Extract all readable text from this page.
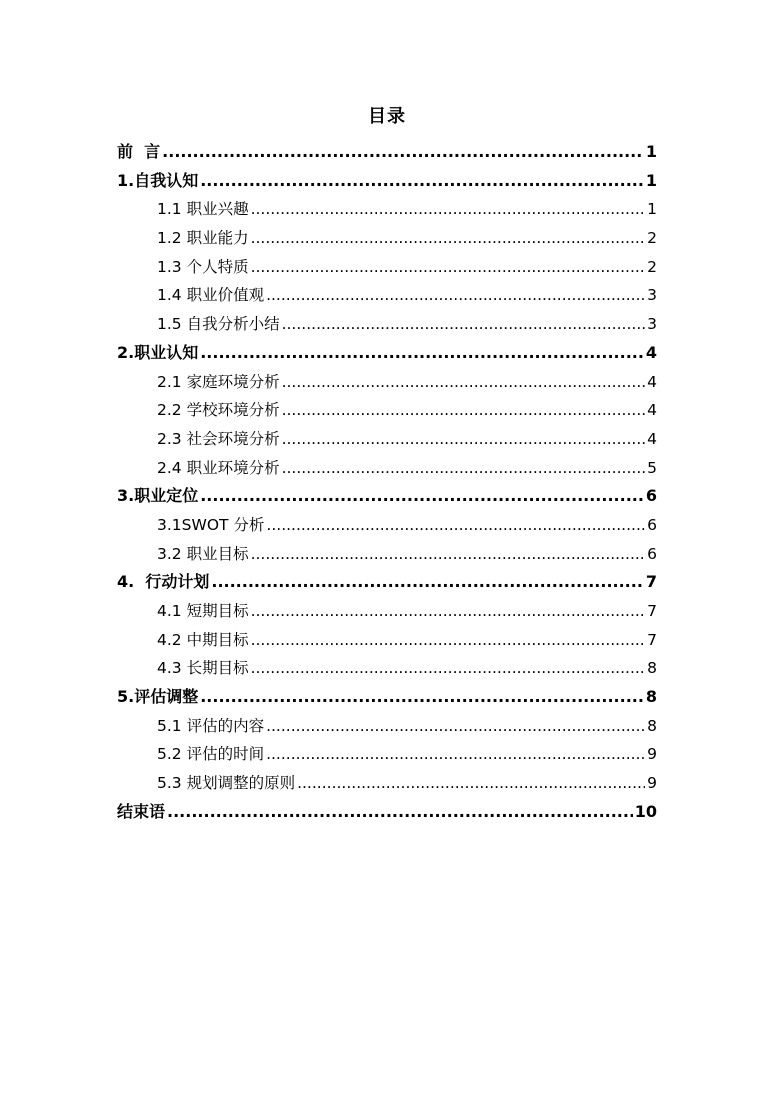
目录
前  言 .....	1
1.自我认知 .....	1
1.1 职业兴趣 .....	1
1.2 职业能力 .....	2
1.3 个人特质 .....	2
1.4 职业价值观 .....	3
1.5 自我分析小结 .....	3
2.职业认知 .....	4
2.1 家庭环境分析 .....	4
2.2 学校环境分析 .....	4
2.3 社会环境分析 .....	4
2.4 职业环境分析 .....	5
3.职业定位 .....	6
3.1SWOT 分析 .....	6
3.2 职业目标 .....	6
4.  行动计划 .....	7
4.1 短期目标 .....	7
4.2 中期目标 .....	7
4.3 长期目标 .....	8
5.评估调整 .....	8
5.1 评估的内容 .....	8
5.2 评估的时间 .....	9
5.3 规划调整的原则 .....	9
结束语 .....	10
